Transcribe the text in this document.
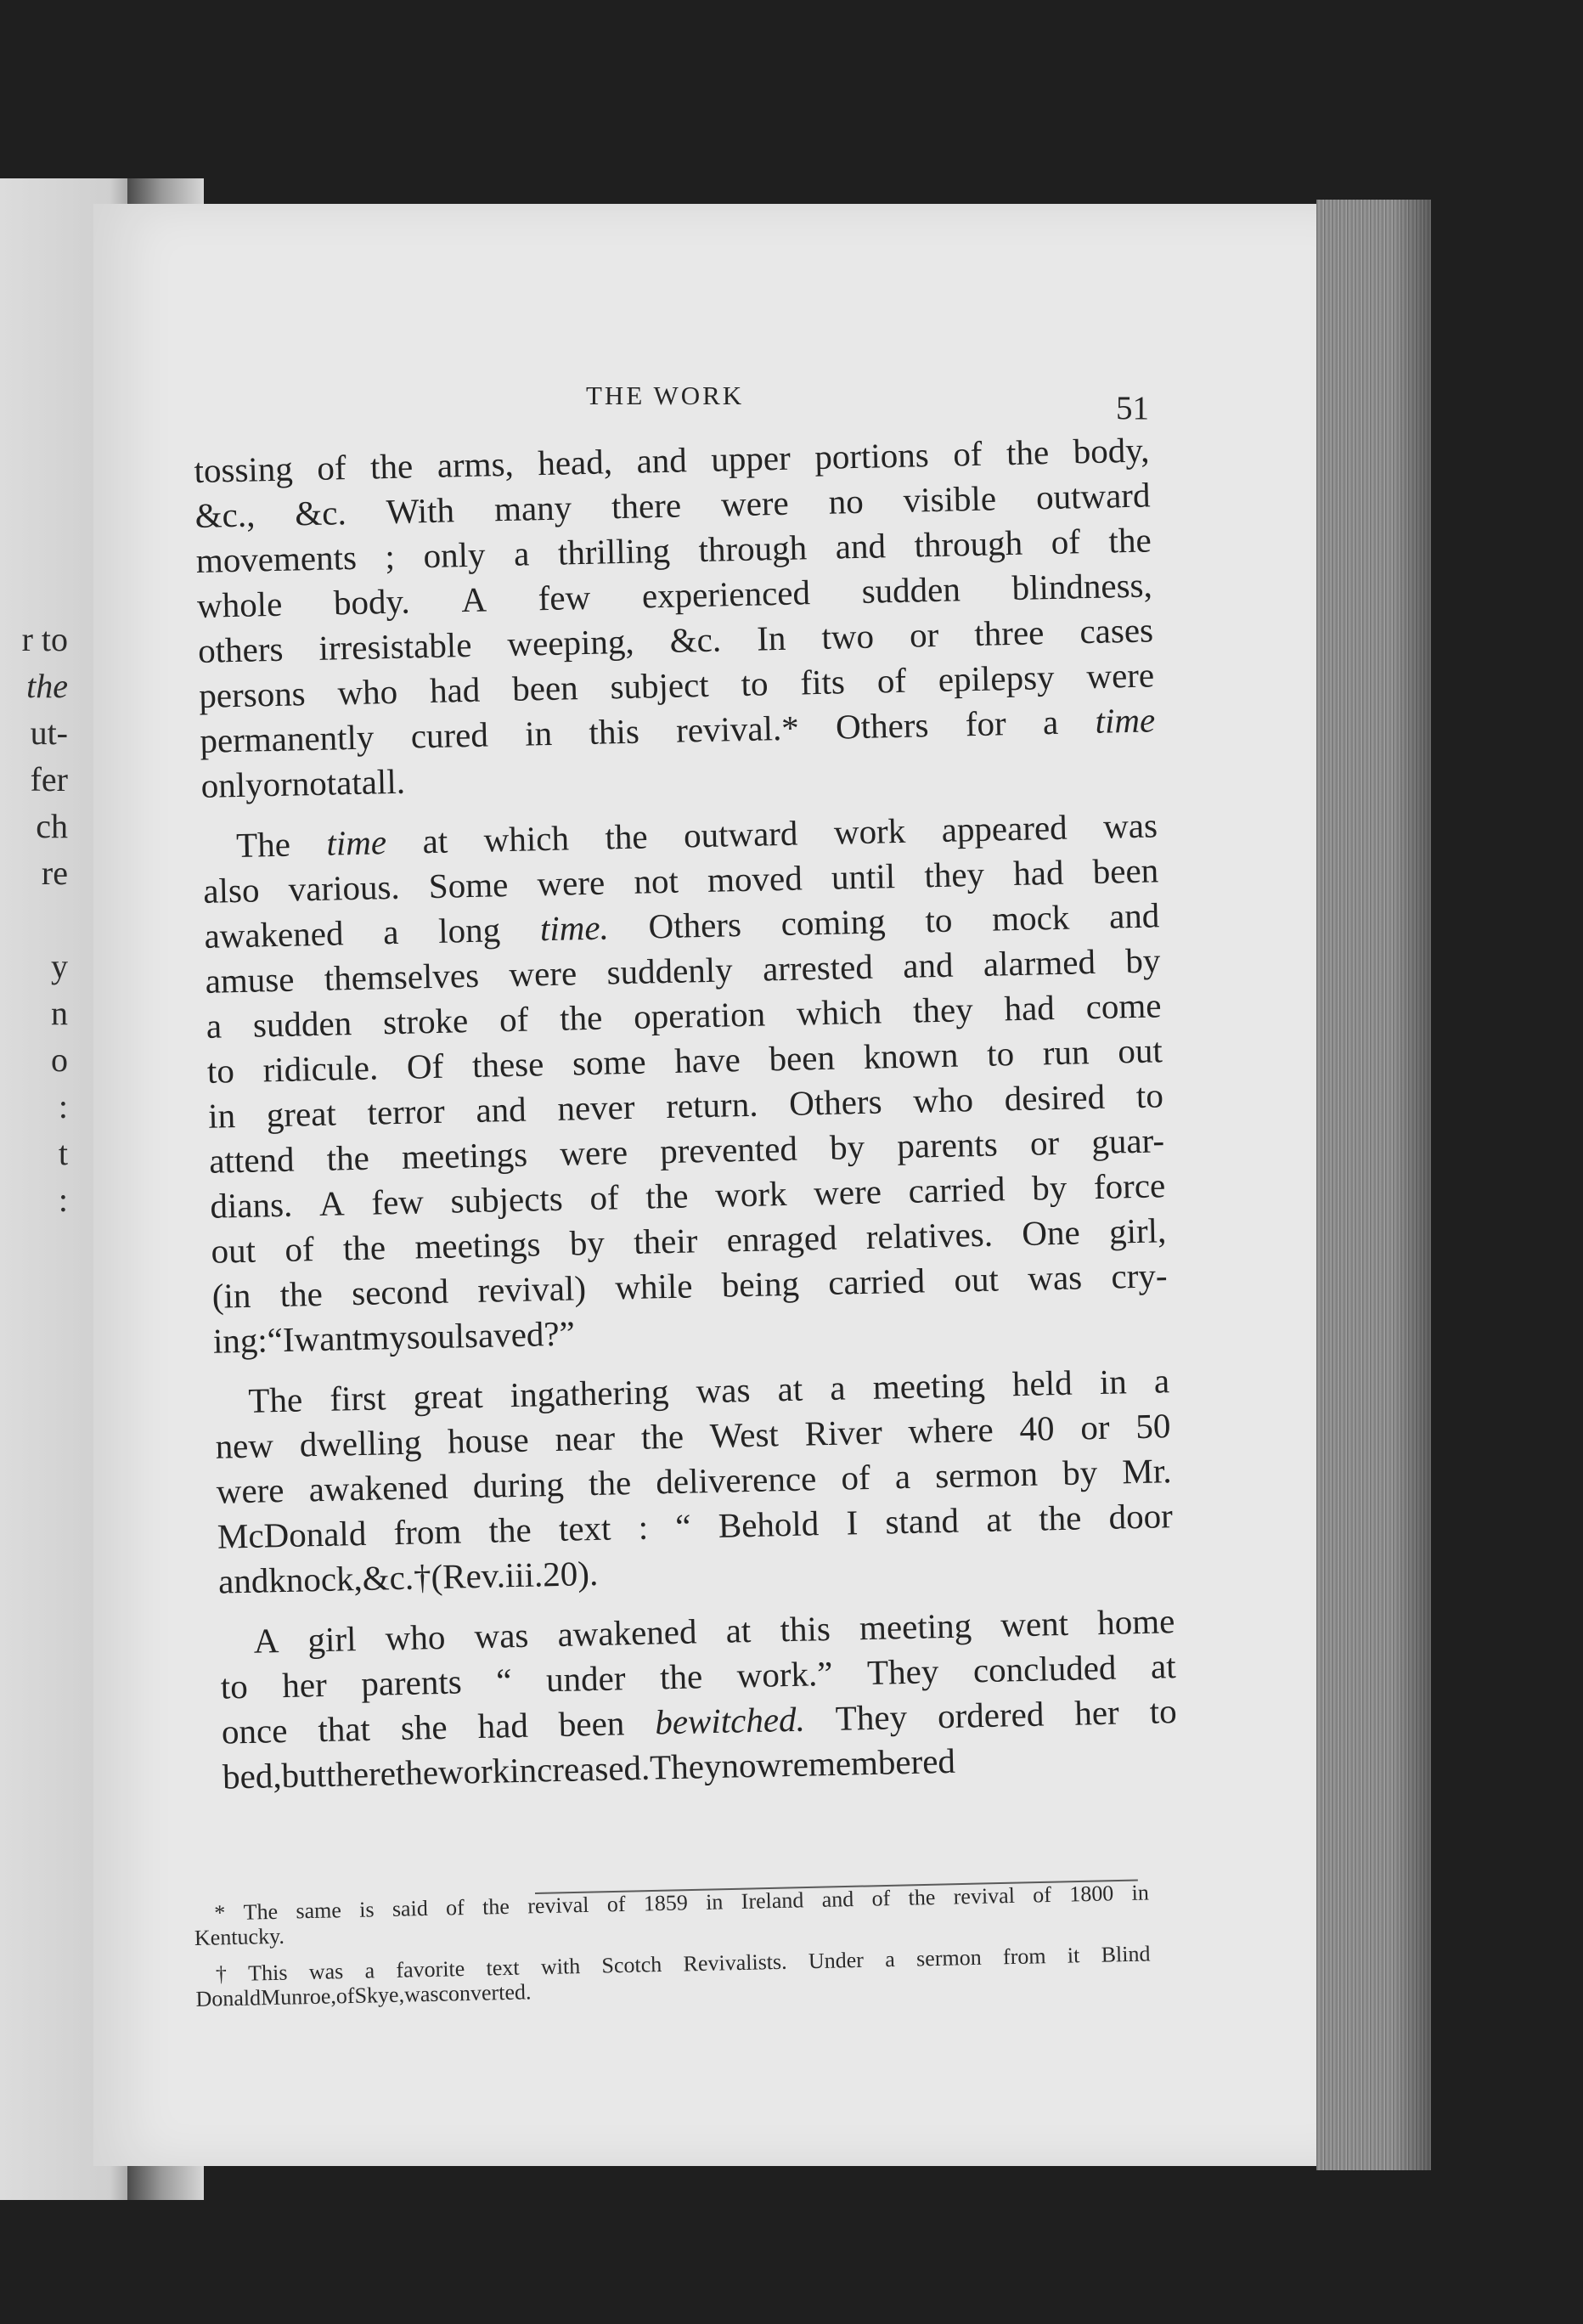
r to
the
ut-
fer
ch
re
y
n
o
:
t
:
THE WORK	51
tossing of the arms, head, and upper portions of the body,
&c., &c. With many there were no visible outward
movements ; only a thrilling through and through of the
whole body. A few experienced sudden blindness,
others irresistable weeping, &c. In two or three cases
persons who had been subject to fits of epilepsy were
permanently cured in this revival.* Others for a time
only
or
not
at
all.
The time at which the outward work appeared was
also various. Some were not moved until they had been
awakened a long time. Others coming to mock and
amuse themselves were suddenly arrested and alarmed by
a sudden stroke of the operation which they had come
to ridicule. Of these some have been known to run out
in great terror and never return. Others who desired to
attend the meetings were prevented by parents or guar-
dians. A few subjects of the work were carried by force
out of the meetings by their enraged relatives. One girl,
(in the second revival) while being carried out was cry-
ing
:
“
I
want
my
soul
saved
?”
The first great ingathering was at a meeting held in a
new dwelling house near the West River where 40 or 50
were awakened during the deliverence of a sermon by Mr.
McDonald from the text : “ Behold I stand at the door
and
knock,
&c.†
(Rev.
iii.
20).
A girl who was awakened at this meeting went home
to her parents “ under the work.” They concluded at
once that she had been bewitched. They ordered her to
bed,
but
there
the
work
increased.
They
now
remembered
* The same is said of the revival of 1859 in Ireland and of the revival of 1800 in
Kentucky.
† This was a favorite text with Scotch Revivalists. Under a sermon from it Blind
Donald Munroe, of Skye, was converted.
